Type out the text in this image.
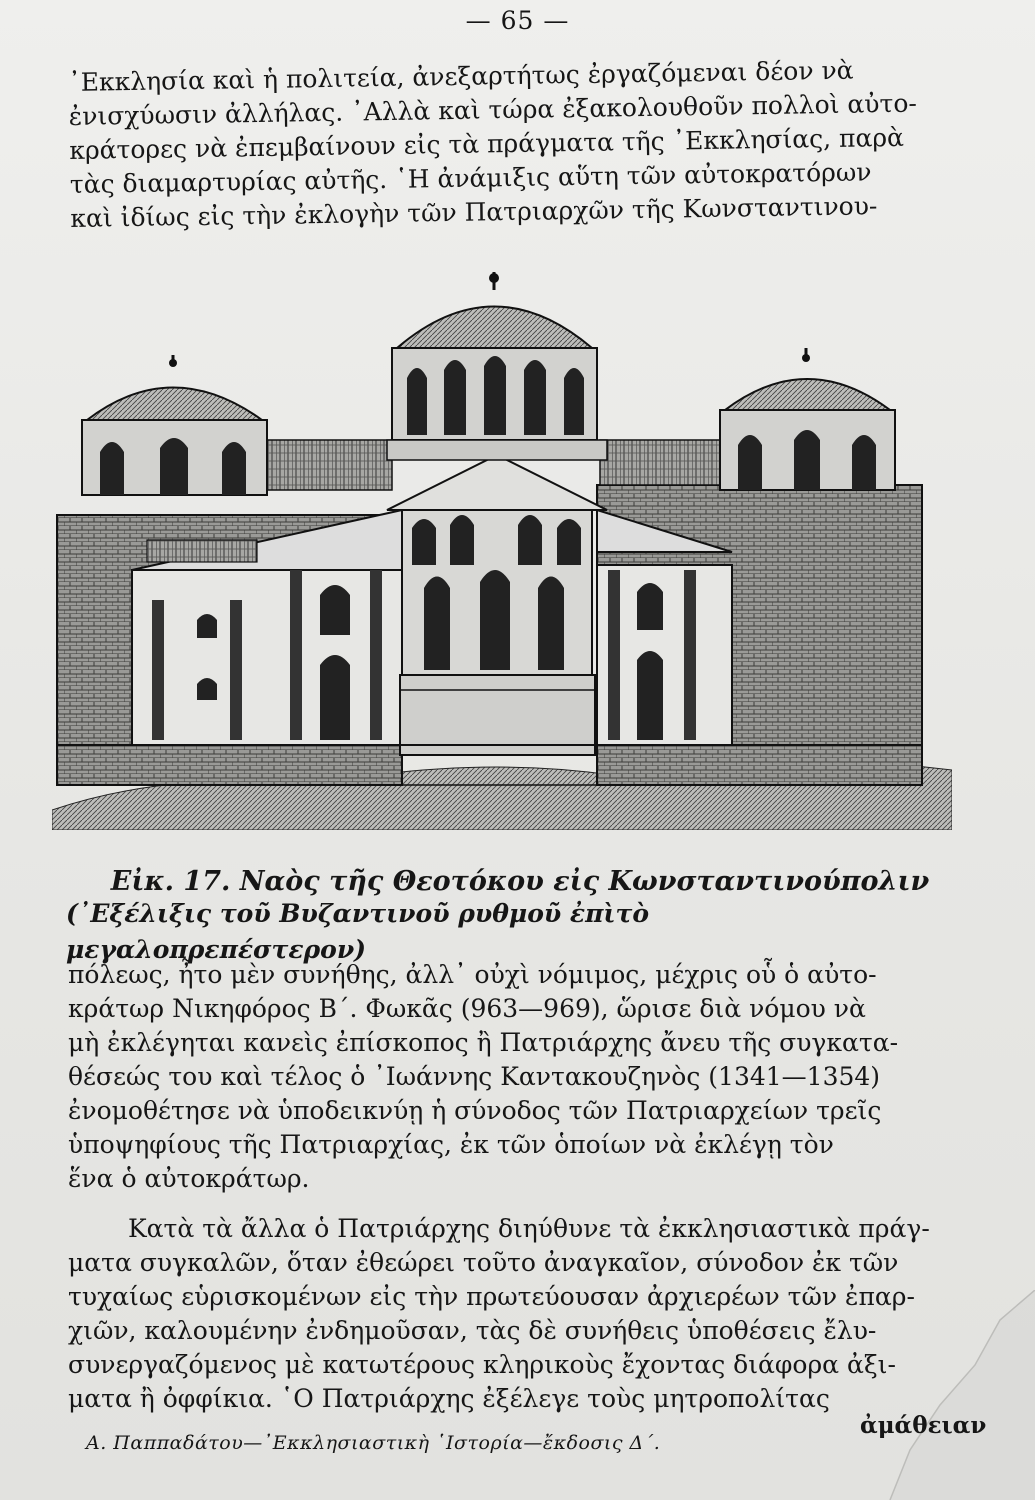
— 65 —

᾿Εκκλησία καὶ ἡ πολιτεία, ἀνεξαρτήτως ἐργαζόμεναι δέον νὰ

ἐνισχύωσιν ἀλλήλας. ᾿Αλλὰ καὶ τώρα ἐξακολουθοῦν πολλοὶ αὐτο-

κράτορες νὰ ἐπεμβαίνουν εἰς τὰ πράγματα τῆς ᾿Εκκλησίας, παρὰ

τὰς διαμαρτυρίας αὐτῆς. ῾Η ἀνάμιξις αὕτη τῶν αὐτοκρατόρων

καὶ ἰδίως εἰς τὴν ἐκλογὴν τῶν Πατριαρχῶν τῆς Κωνσταντινου-

Εἰκ. 17. Ναὸς τῆς Θεοτόκου εἰς Κωνσταντινούπολιν
(᾿Εξέλιξις τοῦ Βυζαντινοῦ ρυθμοῦ ἐπὶτὸ μεγαλοπρεπέστερον)

πόλεως, ἦτο μὲν συνήθης, ἀλλ᾿ οὐχὶ νόμιμος, μέχρις οὗ ὁ αὐτο-

κράτωρ Νικηφόρος Β΄. Φωκᾶς (963—969), ὥρισε διὰ νόμου νὰ

μὴ ἐκλέγηται κανεὶς ἐπίσκοπος ἢ Πατριάρχης ἄνευ τῆς συγκατα-

θέσεώς του καὶ τέλος ὁ ᾿Ιωάννης Καντακουζηνὸς (1341—1354)

ἐνομοθέτησε νὰ ὑποδεικνύῃ ἡ σύνοδος τῶν Πατριαρχείων τρεῖς

ὑποψηφίους τῆς Πατριαρχίας, ἐκ τῶν ὁποίων νὰ ἐκλέγῃ τὸν

ἕνα ὁ αὐτοκράτωρ.

Κατὰ τὰ ἄλλα ὁ Πατριάρχης διηύθυνε τὰ ἐκκλησιαστικὰ πράγ-

ματα συγκαλῶν, ὅταν ἐθεώρει τοῦτο ἀναγκαῖον, σύνοδον ἐκ τῶν

τυχαίως εὑρισκομένων εἰς τὴν πρωτεύουσαν ἀρχιερέων τῶν ἐπαρ-

χιῶν, καλουμένην ἐνδημοῦσαν, τὰς δὲ συνήθεις ὑποθέσεις ἔλυ-

συνεργαζόμενος μὲ κατωτέρους κληρικοὺς ἔχοντας διάφορα ἀξι-

ματα ἢ ὀφφίκια. ῾Ο Πατριάρχης ἐξέλεγε τοὺς μητροπολίτας

ἀμάθειαν
Α. Παππαδάτου—᾿Εκκλησιαστικὴ ῾Ιστορία—ἔκδοσις Δ΄.
